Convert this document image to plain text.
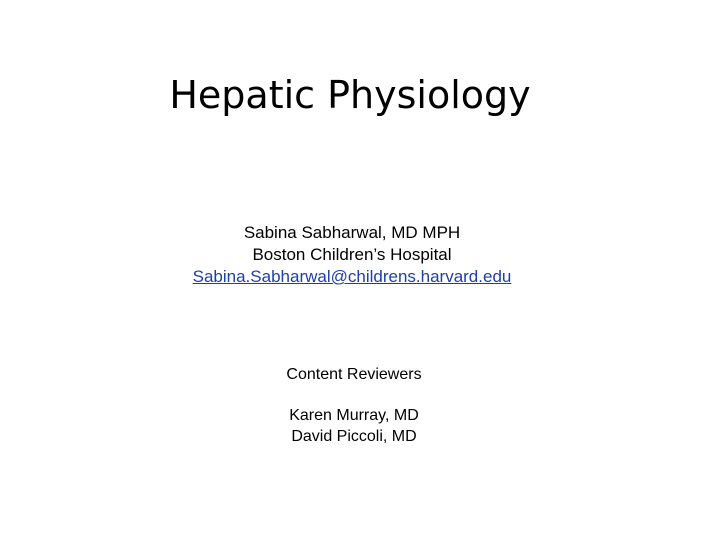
Hepatic Physiology
Sabina Sabharwal, MD MPH
Boston Children’s Hospital
Sabina.Sabharwal@childrens.harvard.edu
Content Reviewers
Karen Murray, MD
David Piccoli, MD
